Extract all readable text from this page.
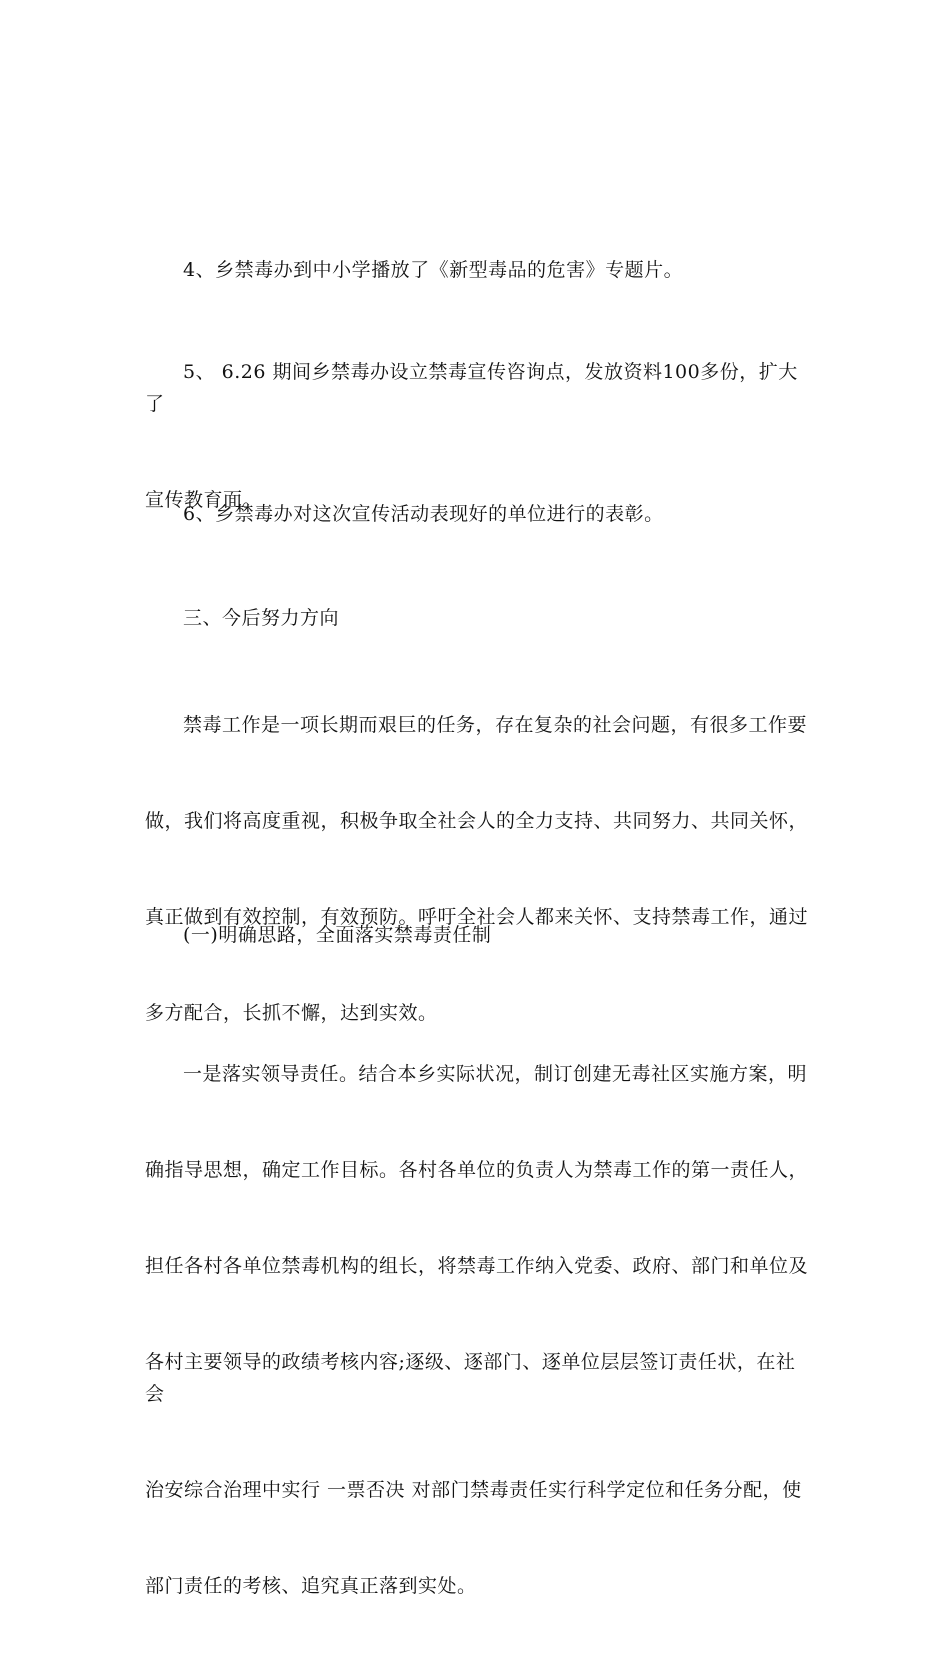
4、乡禁毒办到中小学播放了《新型毒品的危害》专题片。

5、 6.26 期间乡禁毒办设立禁毒宣传咨询点，发放资料100多份，扩大了

宣传教育面。

6、乡禁毒办对这次宣传活动表现好的单位进行的表彰。

三、今后努力方向

禁毒工作是一项长期而艰巨的任务，存在复杂的社会问题，有很多工作要

做，我们将高度重视，积极争取全社会人的全力支持、共同努力、共同关怀，

真正做到有效控制，有效预防。呼吁全社会人都来关怀、支持禁毒工作，通过

多方配合，长抓不懈，达到实效。

(一)明确思路，全面落实禁毒责任制

一是落实领导责任。结合本乡实际状况，制订创建无毒社区实施方案，明

确指导思想，确定工作目标。各村各单位的负责人为禁毒工作的第一责任人，

担任各村各单位禁毒机构的组长，将禁毒工作纳入党委、政府、部门和单位及

各村主要领导的政绩考核内容;逐级、逐部门、逐单位层层签订责任状，在社会

治安综合治理中实行 一票否决 对部门禁毒责任实行科学定位和任务分配，使

部门责任的考核、追究真正落到实处。
